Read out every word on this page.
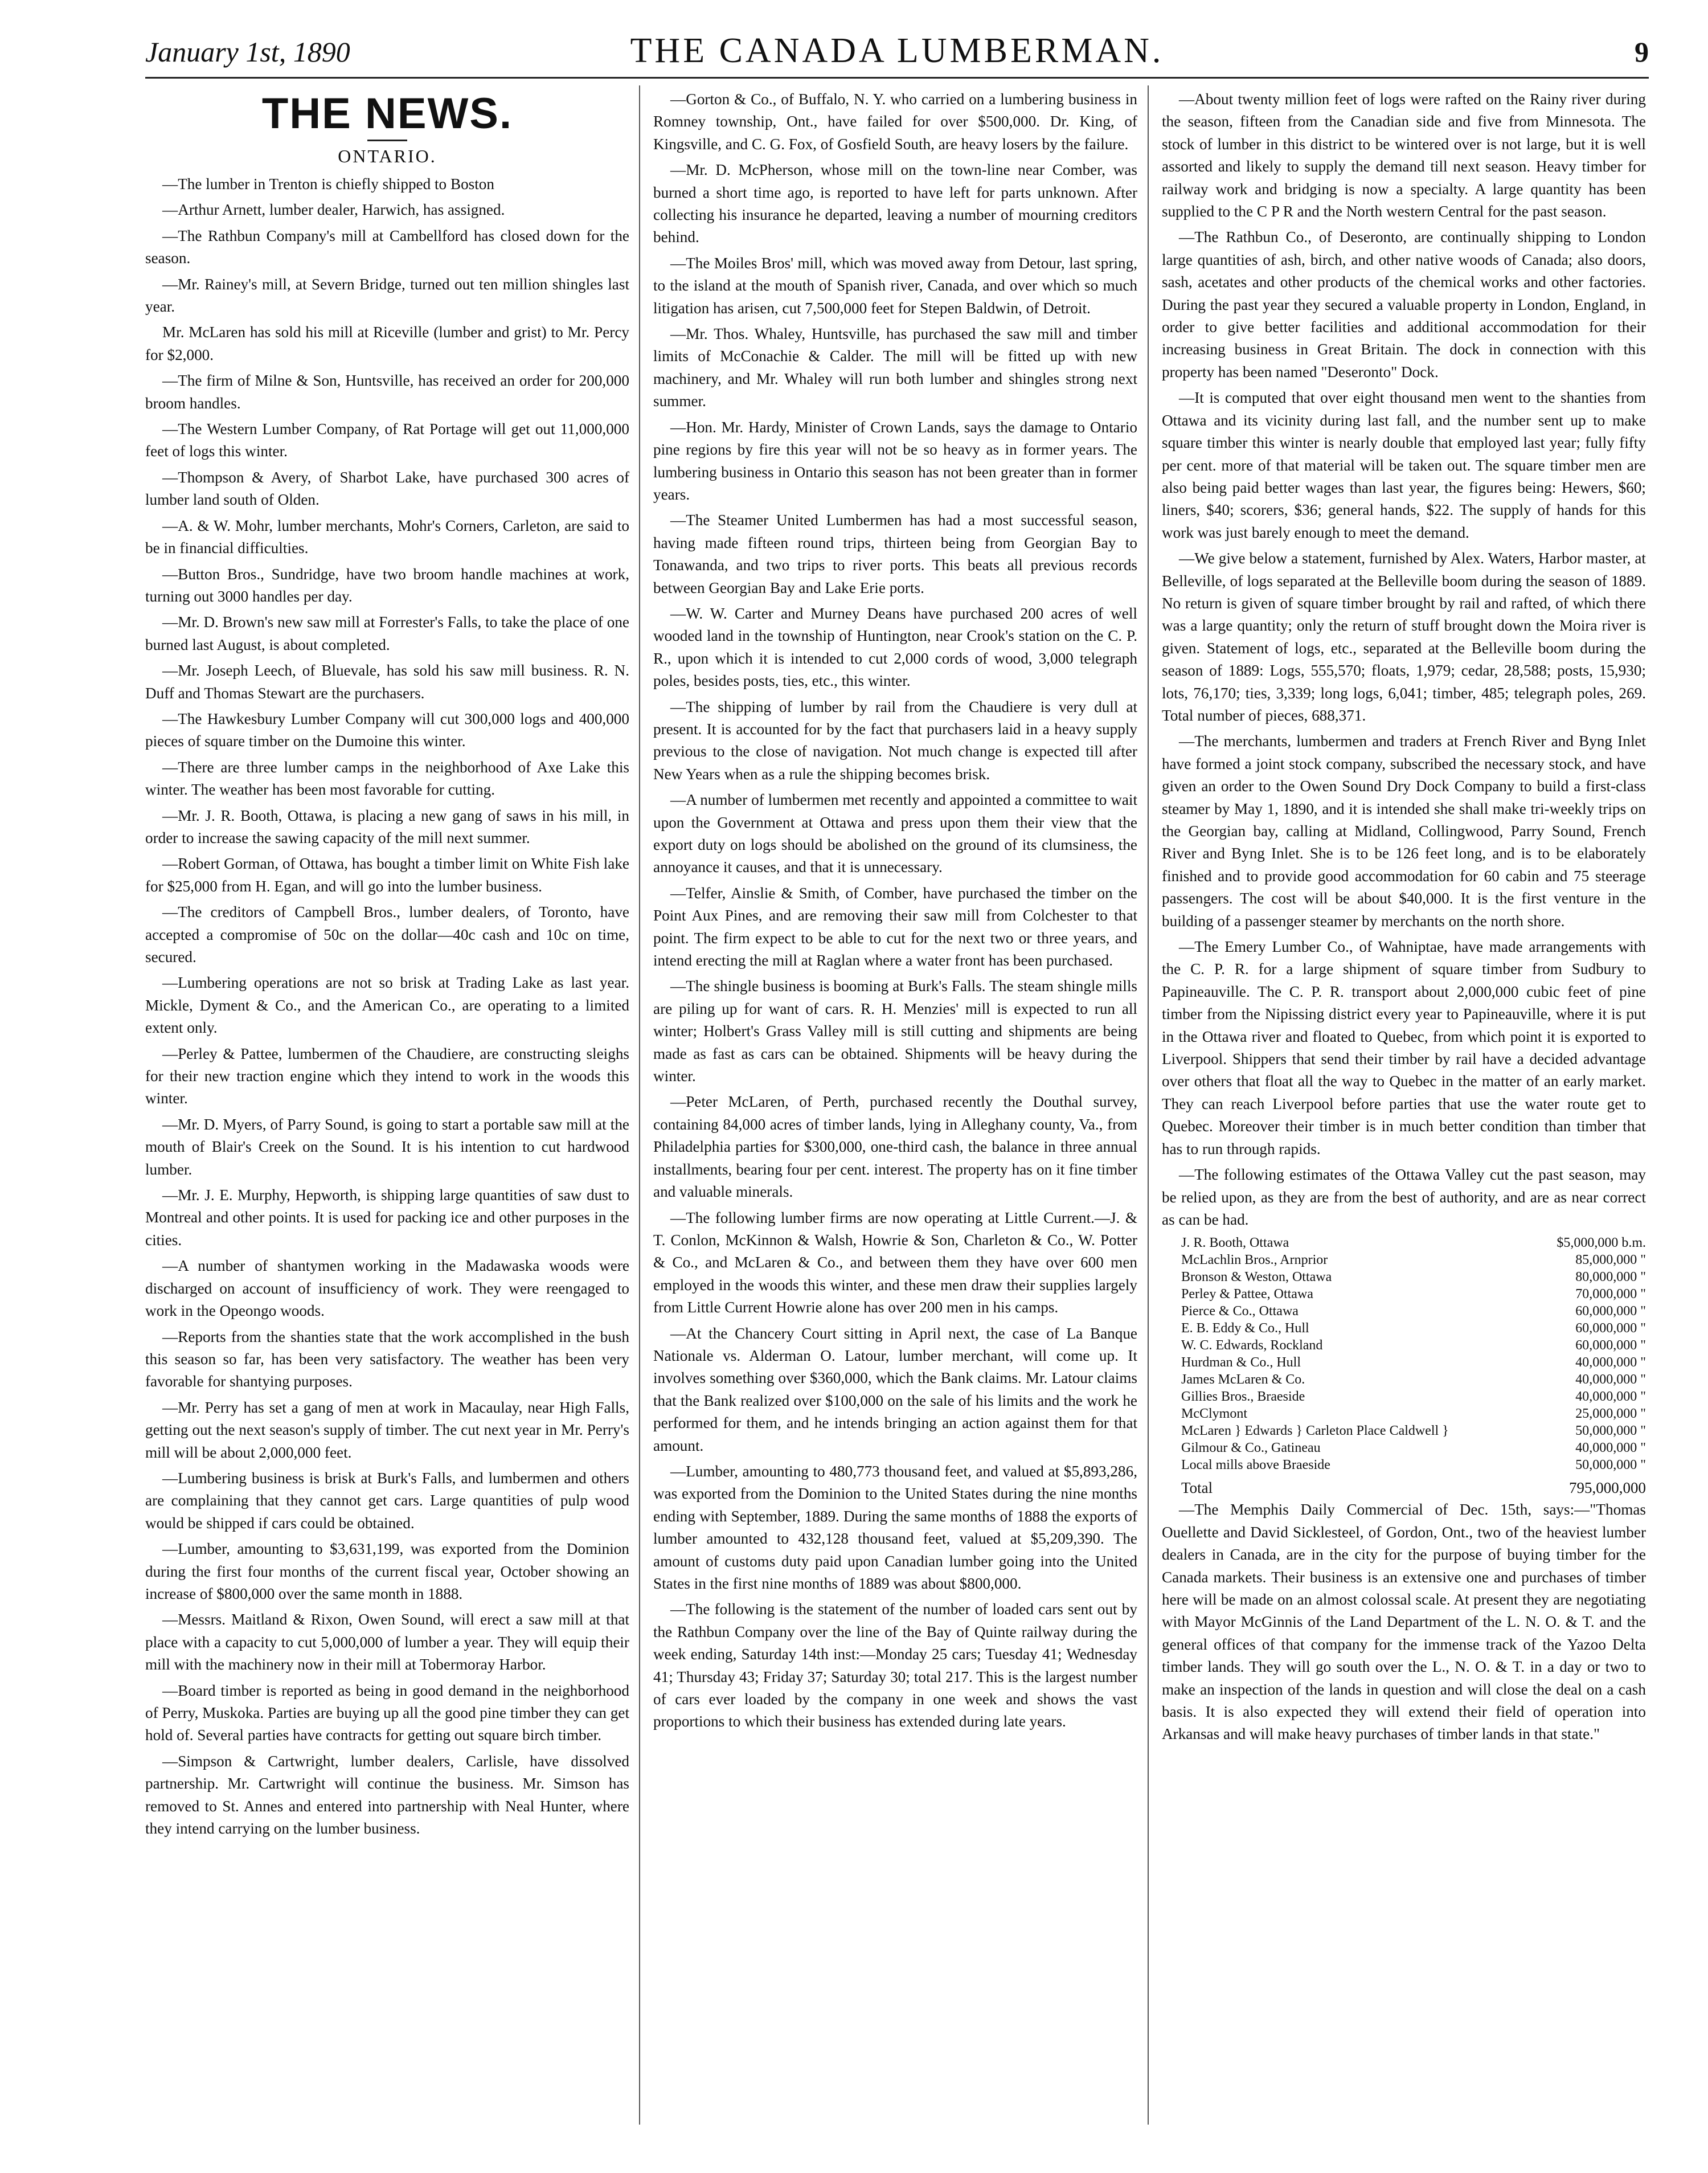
January 1st, 1890	THE CANADA LUMBERMAN.	9
THE NEWS.
ONTARIO.

—The lumber in Trenton is chiefly shipped to Boston

—Arthur Arnett, lumber dealer, Harwich, has assigned.

—The Rathbun Company's mill at Cambellford has closed down for the season.

—Mr. Rainey's mill, at Severn Bridge, turned out ten million shingles last year.

Mr. McLaren has sold his mill at Riceville (lumber and grist) to Mr. Percy for $2,000.

—The firm of Milne & Son, Huntsville, has received an order for 200,000 broom handles.

—The Western Lumber Company, of Rat Portage will get out 11,000,000 feet of logs this winter.

—Thompson & Avery, of Sharbot Lake, have purchased 300 acres of lumber land south of Olden.

—A. & W. Mohr, lumber merchants, Mohr's Corners, Carleton, are said to be in financial difficulties.

—Button Bros., Sundridge, have two broom handle machines at work, turning out 3000 handles per day.

—Mr. D. Brown's new saw mill at Forrester's Falls, to take the place of one burned last August, is about completed.

—Mr. Joseph Leech, of Bluevale, has sold his saw mill business. R. N. Duff and Thomas Stewart are the purchasers.

—The Hawkesbury Lumber Company will cut 300,000 logs and 400,000 pieces of square timber on the Dumoine this winter.

—There are three lumber camps in the neighborhood of Axe Lake this winter. The weather has been most favorable for cutting.

—Mr. J. R. Booth, Ottawa, is placing a new gang of saws in his mill, in order to increase the sawing capacity of the mill next summer.

—Robert Gorman, of Ottawa, has bought a timber limit on White Fish lake for $25,000 from H. Egan, and will go into the lumber business.

—The creditors of Campbell Bros., lumber dealers, of Toronto, have accepted a compromise of 50c on the dollar—40c cash and 10c on time, secured.

—Lumbering operations are not so brisk at Trading Lake as last year. Mickle, Dyment & Co., and the American Co., are operating to a limited extent only.

—Perley & Pattee, lumbermen of the Chaudiere, are constructing sleighs for their new traction engine which they intend to work in the woods this winter.

—Mr. D. Myers, of Parry Sound, is going to start a portable saw mill at the mouth of Blair's Creek on the Sound. It is his intention to cut hardwood lumber.

—Mr. J. E. Murphy, Hepworth, is shipping large quantities of saw dust to Montreal and other points. It is used for packing ice and other purposes in the cities.

—A number of shantymen working in the Madawaska woods were discharged on account of insufficiency of work. They were reengaged to work in the Opeongo woods.

—Reports from the shanties state that the work accomplished in the bush this season so far, has been very satisfactory. The weather has been very favorable for shantying purposes.

—Mr. Perry has set a gang of men at work in Macaulay, near High Falls, getting out the next season's supply of timber. The cut next year in Mr. Perry's mill will be about 2,000,000 feet.

—Lumbering business is brisk at Burk's Falls, and lumbermen and others are complaining that they cannot get cars. Large quantities of pulp wood would be shipped if cars could be obtained.

—Lumber, amounting to $3,631,199, was exported from the Dominion during the first four months of the current fiscal year, October showing an increase of $800,000 over the same month in 1888.

—Messrs. Maitland & Rixon, Owen Sound, will erect a saw mill at that place with a capacity to cut 5,000,000 of lumber a year. They will equip their mill with the machinery now in their mill at Tobermoray Harbor.

—Board timber is reported as being in good demand in the neighborhood of Perry, Muskoka. Parties are buying up all the good pine timber they can get hold of. Several parties have contracts for getting out square birch timber.

—Simpson & Cartwright, lumber dealers, Carlisle, have dissolved partnership. Mr. Cartwright will continue the business. Mr. Simson has removed to St. Annes and entered into partnership with Neal Hunter, where they intend carrying on the lumber business.

—Gorton & Co., of Buffalo, N. Y. who carried on a lumbering business in Romney township, Ont., have failed for over $500,000. Dr. King, of Kingsville, and C. G. Fox, of Gosfield South, are heavy losers by the failure.

—Mr. D. McPherson, whose mill on the town-line near Comber, was burned a short time ago, is reported to have left for parts unknown. After collecting his insurance he departed, leaving a number of mourning creditors behind.

—The Moiles Bros' mill, which was moved away from Detour, last spring, to the island at the mouth of Spanish river, Canada, and over which so much litigation has arisen, cut 7,500,000 feet for Stepen Baldwin, of Detroit.

—Mr. Thos. Whaley, Huntsville, has purchased the saw mill and timber limits of McConachie & Calder. The mill will be fitted up with new machinery, and Mr. Whaley will run both lumber and shingles strong next summer.

—Hon. Mr. Hardy, Minister of Crown Lands, says the damage to Ontario pine regions by fire this year will not be so heavy as in former years. The lumbering business in Ontario this season has not been greater than in former years.

—The Steamer United Lumbermen has had a most successful season, having made fifteen round trips, thirteen being from Georgian Bay to Tonawanda, and two trips to river ports. This beats all previous records between Georgian Bay and Lake Erie ports.

—W. W. Carter and Murney Deans have purchased 200 acres of well wooded land in the township of Huntington, near Crook's station on the C. P. R., upon which it is intended to cut 2,000 cords of wood, 3,000 telegraph poles, besides posts, ties, etc., this winter.

—The shipping of lumber by rail from the Chaudiere is very dull at present. It is accounted for by the fact that purchasers laid in a heavy supply previous to the close of navigation. Not much change is expected till after New Years when as a rule the shipping becomes brisk.

—A number of lumbermen met recently and appointed a committee to wait upon the Government at Ottawa and press upon them their view that the export duty on logs should be abolished on the ground of its clumsiness, the annoyance it causes, and that it is unnecessary.

—Telfer, Ainslie & Smith, of Comber, have purchased the timber on the Point Aux Pines, and are removing their saw mill from Colchester to that point. The firm expect to be able to cut for the next two or three years, and intend erecting the mill at Raglan where a water front has been purchased.

—The shingle business is booming at Burk's Falls. The steam shingle mills are piling up for want of cars. R. H. Menzies' mill is expected to run all winter; Holbert's Grass Valley mill is still cutting and shipments are being made as fast as cars can be obtained. Shipments will be heavy during the winter.

—Peter McLaren, of Perth, purchased recently the Douthal survey, containing 84,000 acres of timber lands, lying in Alleghany county, Va., from Philadelphia parties for $300,000, one-third cash, the balance in three annual installments, bearing four per cent. interest. The property has on it fine timber and valuable minerals.

—The following lumber firms are now operating at Little Current.—J. & T. Conlon, McKinnon & Walsh, Howrie & Son, Charleton & Co., W. Potter & Co., and McLaren & Co., and between them they have over 600 men employed in the woods this winter, and these men draw their supplies largely from Little Current Howrie alone has over 200 men in his camps.

—At the Chancery Court sitting in April next, the case of La Banque Nationale vs. Alderman O. Latour, lumber merchant, will come up. It involves something over $360,000, which the Bank claims. Mr. Latour claims that the Bank realized over $100,000 on the sale of his limits and the work he performed for them, and he intends bringing an action against them for that amount.

—Lumber, amounting to 480,773 thousand feet, and valued at $5,893,286, was exported from the Dominion to the United States during the nine months ending with September, 1889. During the same months of 1888 the exports of lumber amounted to 432,128 thousand feet, valued at $5,209,390. The amount of customs duty paid upon Canadian lumber going into the United States in the first nine months of 1889 was about $800,000.

—The following is the statement of the number of loaded cars sent out by the Rathbun Company over the line of the Bay of Quinte railway during the week ending, Saturday 14th inst:—Monday 25 cars; Tuesday 41; Wednesday 41; Thursday 43; Friday 37; Saturday 30; total 217. This is the largest number of cars ever loaded by the company in one week and shows the vast proportions to which their business has extended during late years.

—About twenty million feet of logs were rafted on the Rainy river during the season, fifteen from the Canadian side and five from Minnesota. The stock of lumber in this district to be wintered over is not large, but it is well assorted and likely to supply the demand till next season. Heavy timber for railway work and bridging is now a specialty. A large quantity has been supplied to the C P R and the North western Central for the past season.

—The Rathbun Co., of Deseronto, are continually shipping to London large quantities of ash, birch, and other native woods of Canada; also doors, sash, acetates and other products of the chemical works and other factories. During the past year they secured a valuable property in London, England, in order to give better facilities and additional accommodation for their increasing business in Great Britain. The dock in connection with this property has been named "Deseronto" Dock.

—It is computed that over eight thousand men went to the shanties from Ottawa and its vicinity during last fall, and the number sent up to make square timber this winter is nearly double that employed last year; fully fifty per cent. more of that material will be taken out. The square timber men are also being paid better wages than last year, the figures being: Hewers, $60; liners, $40; scorers, $36; general hands, $22. The supply of hands for this work was just barely enough to meet the demand.

—We give below a statement, furnished by Alex. Waters, Harbor master, at Belleville, of logs separated at the Belleville boom during the season of 1889. No return is given of square timber brought by rail and rafted, of which there was a large quantity; only the return of stuff brought down the Moira river is given. Statement of logs, etc., separated at the Belleville boom during the season of 1889: Logs, 555,570; floats, 1,979; cedar, 28,588; posts, 15,930; lots, 76,170; ties, 3,339; long logs, 6,041; timber, 485; telegraph poles, 269. Total number of pieces, 688,371.

—The merchants, lumbermen and traders at French River and Byng Inlet have formed a joint stock company, subscribed the necessary stock, and have given an order to the Owen Sound Dry Dock Company to build a first-class steamer by May 1, 1890, and it is intended she shall make tri-weekly trips on the Georgian bay, calling at Midland, Collingwood, Parry Sound, French River and Byng Inlet. She is to be 126 feet long, and is to be elaborately finished and to provide good accommodation for 60 cabin and 75 steerage passengers. The cost will be about $40,000. It is the first venture in the building of a passenger steamer by merchants on the north shore.

—The Emery Lumber Co., of Wahniptae, have made arrangements with the C. P. R. for a large shipment of square timber from Sudbury to Papineauville. The C. P. R. transport about 2,000,000 cubic feet of pine timber from the Nipissing district every year to Papineauville, where it is put in the Ottawa river and floated to Quebec, from which point it is exported to Liverpool. Shippers that send their timber by rail have a decided advantage over others that float all the way to Quebec in the matter of an early market. They can reach Liverpool before parties that use the water route get to Quebec. Moreover their timber is in much better condition than timber that has to run through rapids.

—The following estimates of the Ottawa Valley cut the past season, may be relied upon, as they are from the best of authority, and are as near correct as can be had.

J. R. Booth, Ottawa	$5,000,000 b.m.
McLachlin Bros., Arnprior	85,000,000 "
Bronson & Weston, Ottawa	80,000,000 "
Perley & Pattee, Ottawa	70,000,000 "
Pierce & Co., Ottawa	60,000,000 "
E. B. Eddy & Co., Hull	60,000,000 "
W. C. Edwards, Rockland	60,000,000 "
Hurdman & Co., Hull	40,000,000 "
James McLaren & Co.	40,000,000 "
Gillies Bros., Braeside	40,000,000 "
McClymont	25,000,000 "
McLaren } Edwards } Carleton Place Caldwell }	50,000,000 "
Gilmour & Co., Gatineau	40,000,000 "
Local mills above Braeside	50,000,000 "
Total	795,000,000

—The Memphis Daily Commercial of Dec. 15th, says:—"Thomas Ouellette and David Sicklesteel, of Gordon, Ont., two of the heaviest lumber dealers in Canada, are in the city for the purpose of buying timber for the Canada markets. Their business is an extensive one and purchases of timber here will be made on an almost colossal scale. At present they are negotiating with Mayor McGinnis of the Land Department of the L. N. O. & T. and the general offices of that company for the immense track of the Yazoo Delta timber lands. They will go south over the L., N. O. & T. in a day or two to make an inspection of the lands in question and will close the deal on a cash basis. It is also expected they will extend their field of operation into Arkansas and will make heavy purchases of timber lands in that state."
